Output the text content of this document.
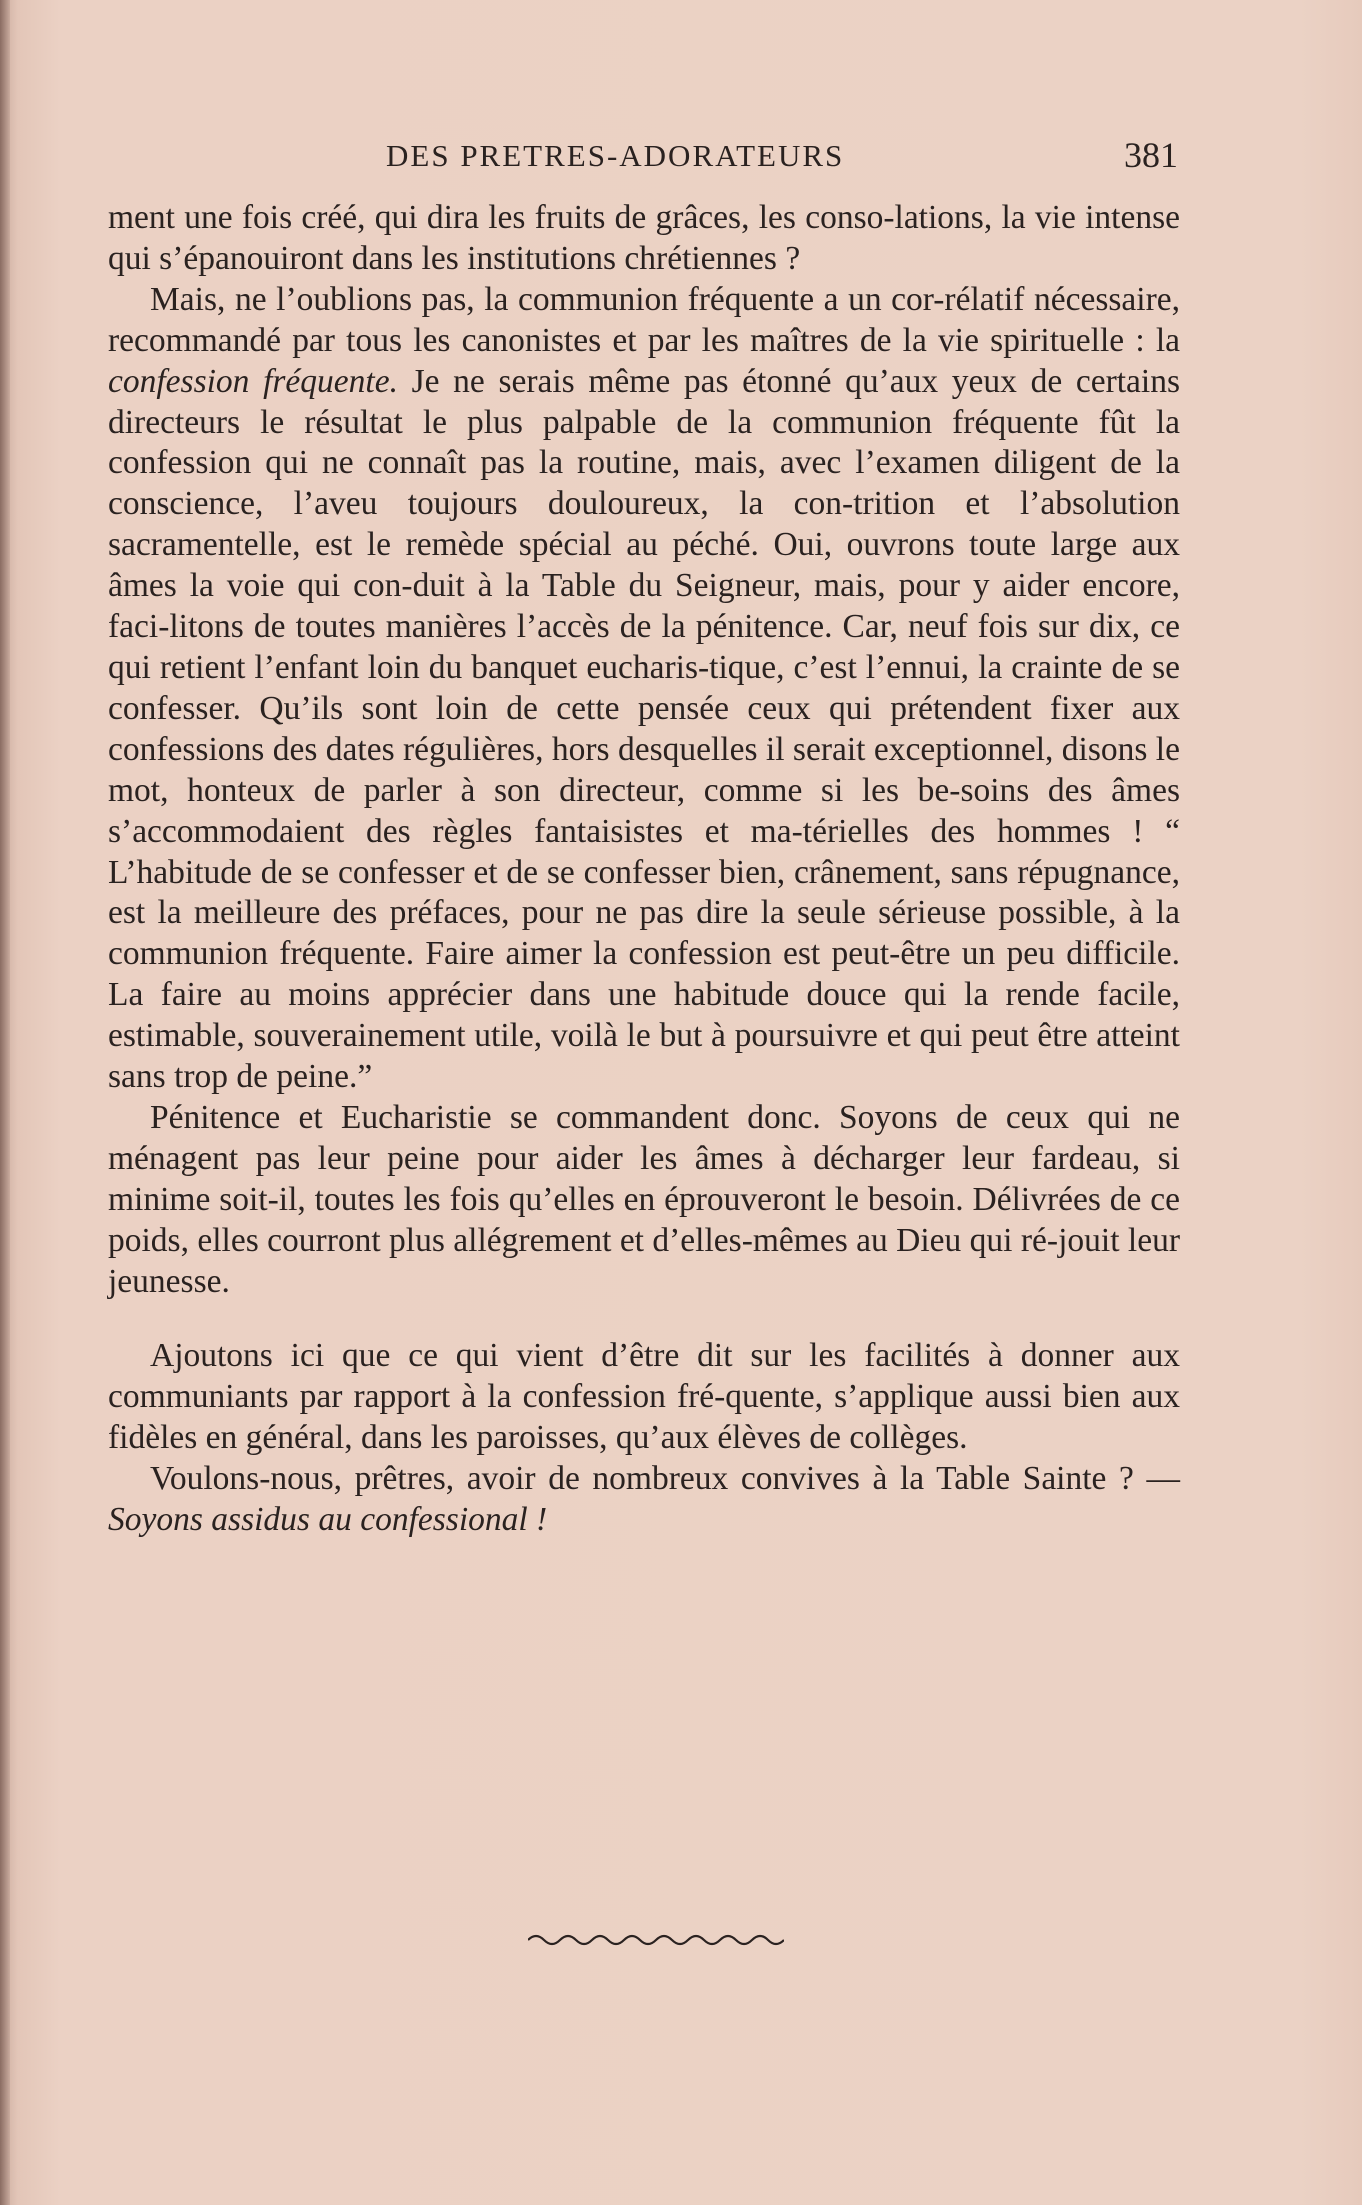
DES PRETRES-ADORATEURS	381

ment une fois créé, qui dira les fruits de grâces, les conso-lations, la vie intense qui s’épanouiront dans les institutions chrétiennes ?

Mais, ne l’oublions pas, la communion fréquente a un cor-rélatif nécessaire, recommandé par tous les canonistes et par les maîtres de la vie spirituelle : la confession fréquente. Je ne serais même pas étonné qu’aux yeux de certains directeurs le résultat le plus palpable de la communion fréquente fût la confession qui ne connaît pas la routine, mais, avec l’examen diligent de la conscience, l’aveu toujours douloureux, la con-trition et l’absolution sacramentelle, est le remède spécial au péché. Oui, ouvrons toute large aux âmes la voie qui con-duit à la Table du Seigneur, mais, pour y aider encore, faci-litons de toutes manières l’accès de la pénitence. Car, neuf fois sur dix, ce qui retient l’enfant loin du banquet eucharis-tique, c’est l’ennui, la crainte de se confesser. Qu’ils sont loin de cette pensée ceux qui prétendent fixer aux confessions des dates régulières, hors desquelles il serait exceptionnel, disons le mot, honteux de parler à son directeur, comme si les be-soins des âmes s’accommodaient des règles fantaisistes et ma-térielles des hommes ! “ L’habitude de se confesser et de se confesser bien, crânement, sans répugnance, est la meilleure des préfaces, pour ne pas dire la seule sérieuse possible, à la communion fréquente. Faire aimer la confession est peut-être un peu difficile. La faire au moins apprécier dans une habitude douce qui la rende facile, estimable, souverainement utile, voilà le but à poursuivre et qui peut être atteint sans trop de peine.”

Pénitence et Eucharistie se commandent donc. Soyons de ceux qui ne ménagent pas leur peine pour aider les âmes à décharger leur fardeau, si minime soit-il, toutes les fois qu’elles en éprouveront le besoin. Délivrées de ce poids, elles courront plus allégrement et d’elles-mêmes au Dieu qui ré-jouit leur jeunesse.

Ajoutons ici que ce qui vient d’être dit sur les facilités à donner aux communiants par rapport à la confession fré-quente, s’applique aussi bien aux fidèles en général, dans les paroisses, qu’aux élèves de collèges.

Voulons-nous, prêtres, avoir de nombreux convives à la Table Sainte ? — Soyons assidus au confessional !
